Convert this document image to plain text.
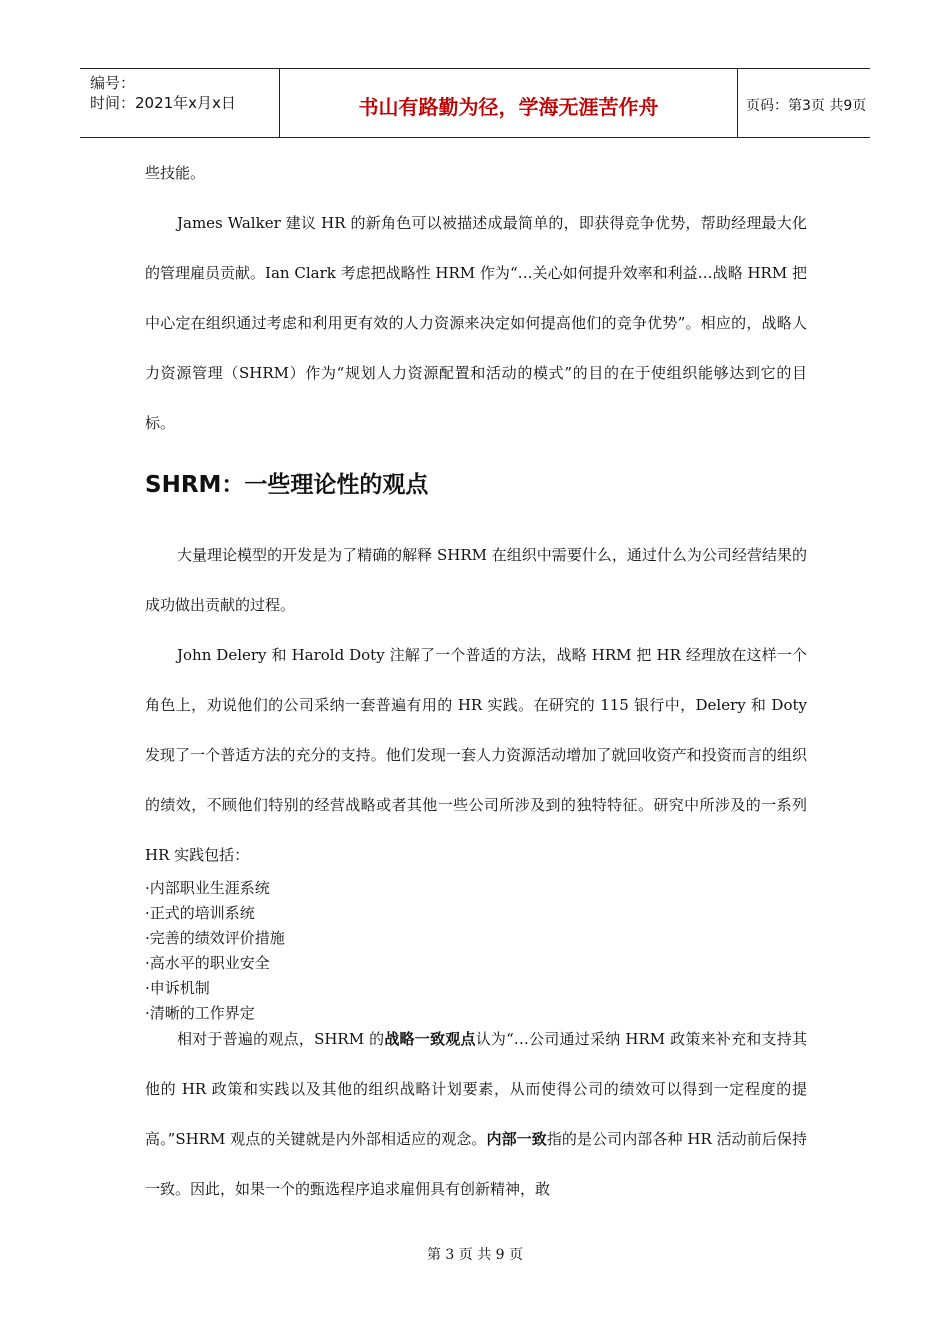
编号：
时间：2021年x月x日	书山有路勤为径，学海无涯苦作舟	页码：第3页 共9页

些技能。

James Walker 建议 HR 的新角色可以被描述成最简单的，即获得竞争优势，帮助经理最大化的管理雇员贡献。Ian Clark 考虑把战略性 HRM 作为“…关心如何提升效率和利益…战略 HRM 把中心定在组织通过考虑和利用更有效的人力资源来决定如何提高他们的竞争优势”。相应的，战略人力资源管理（SHRM）作为“规划人力资源配置和活动的模式”的目的在于使组织能够达到它的目标。

SHRM：一些理论性的观点

大量理论模型的开发是为了精确的解释 SHRM 在组织中需要什么，通过什么为公司经营结果的成功做出贡献的过程。

John Delery 和 Harold Doty 注解了一个普适的方法，战略 HRM 把 HR 经理放在这样一个角色上，劝说他们的公司采纳一套普遍有用的 HR 实践。在研究的 115 银行中，Delery 和 Doty 发现了一个普适方法的充分的支持。他们发现一套人力资源活动增加了就回收资产和投资而言的组织的绩效，不顾他们特别的经营战略或者其他一些公司所涉及到的独特特征。研究中所涉及的一系列 HR 实践包括：

·内部职业生涯系统

·正式的培训系统

·完善的绩效评价措施

·高水平的职业安全

·申诉机制

·清晰的工作界定

相对于普遍的观点，SHRM 的战略一致观点认为“…公司通过采纳 HRM 政策来补充和支持其他的 HR 政策和实践以及其他的组织战略计划要素，从而使得公司的绩效可以得到一定程度的提高。”SHRM 观点的关键就是内外部相适应的观念。内部一致指的是公司内部各种 HR 活动前后保持一致。因此，如果一个的甄选程序追求雇佣具有创新精神，敢

第 3 页 共 9 页
